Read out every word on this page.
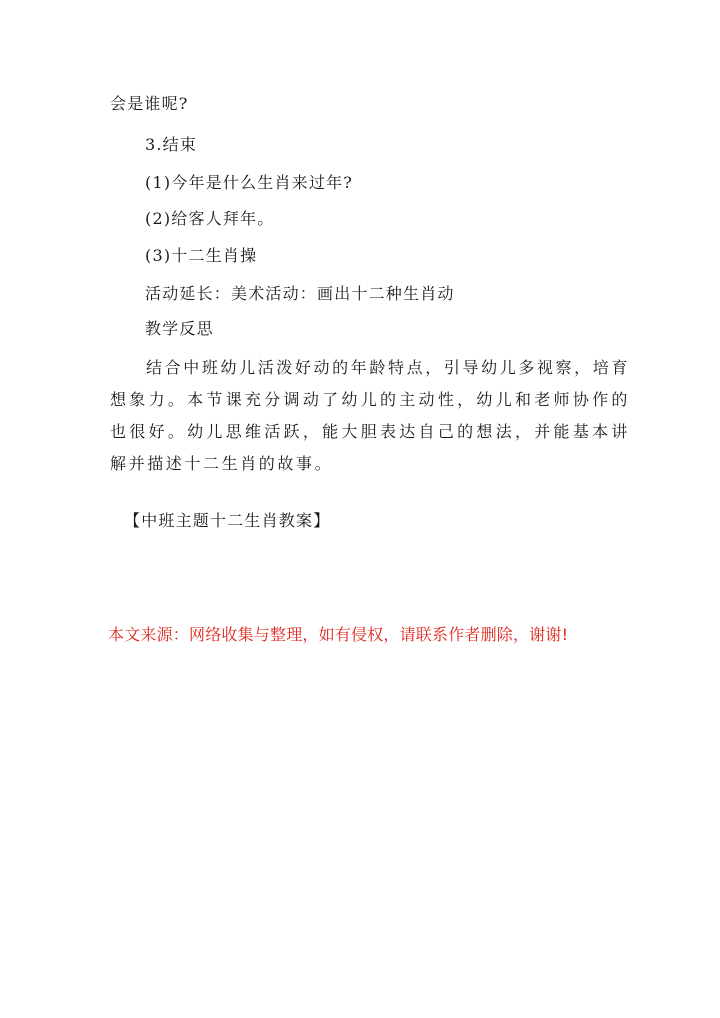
会是谁呢?
3.结束
(1)今年是什么生肖来过年?
(2)给客人拜年。
(3)十二生肖操
活动延长：美术活动：画出十二种生肖动
教学反思
结合中班幼儿活泼好动的年龄特点，引导幼儿多视察，培育想象力。本节课充分调动了幼儿的主动性，幼儿和老师协作的也很好。幼儿思维活跃，能大胆表达自己的想法，并能基本讲解并描述十二生肖的故事。
【中班主题十二生肖教案】
本文来源：网络收集与整理，如有侵权，请联系作者删除，谢谢!
